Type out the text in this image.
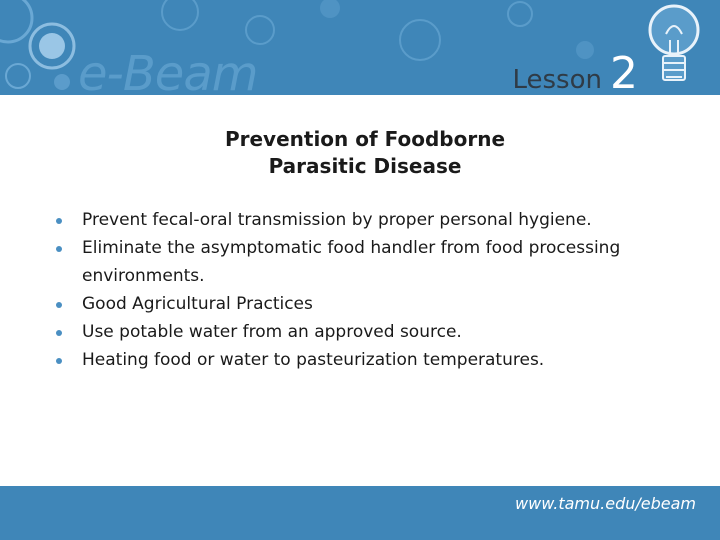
e-Beam	Lesson 2
Prevention of Foodborne
Parasitic Disease
Prevent fecal-oral transmission by proper personal hygiene.
Eliminate the asymptomatic food handler from food processing environments.
Good Agricultural Practices
Use potable water from an approved source.
Heating food or water to pasteurization temperatures.
www.tamu.edu/ebeam
